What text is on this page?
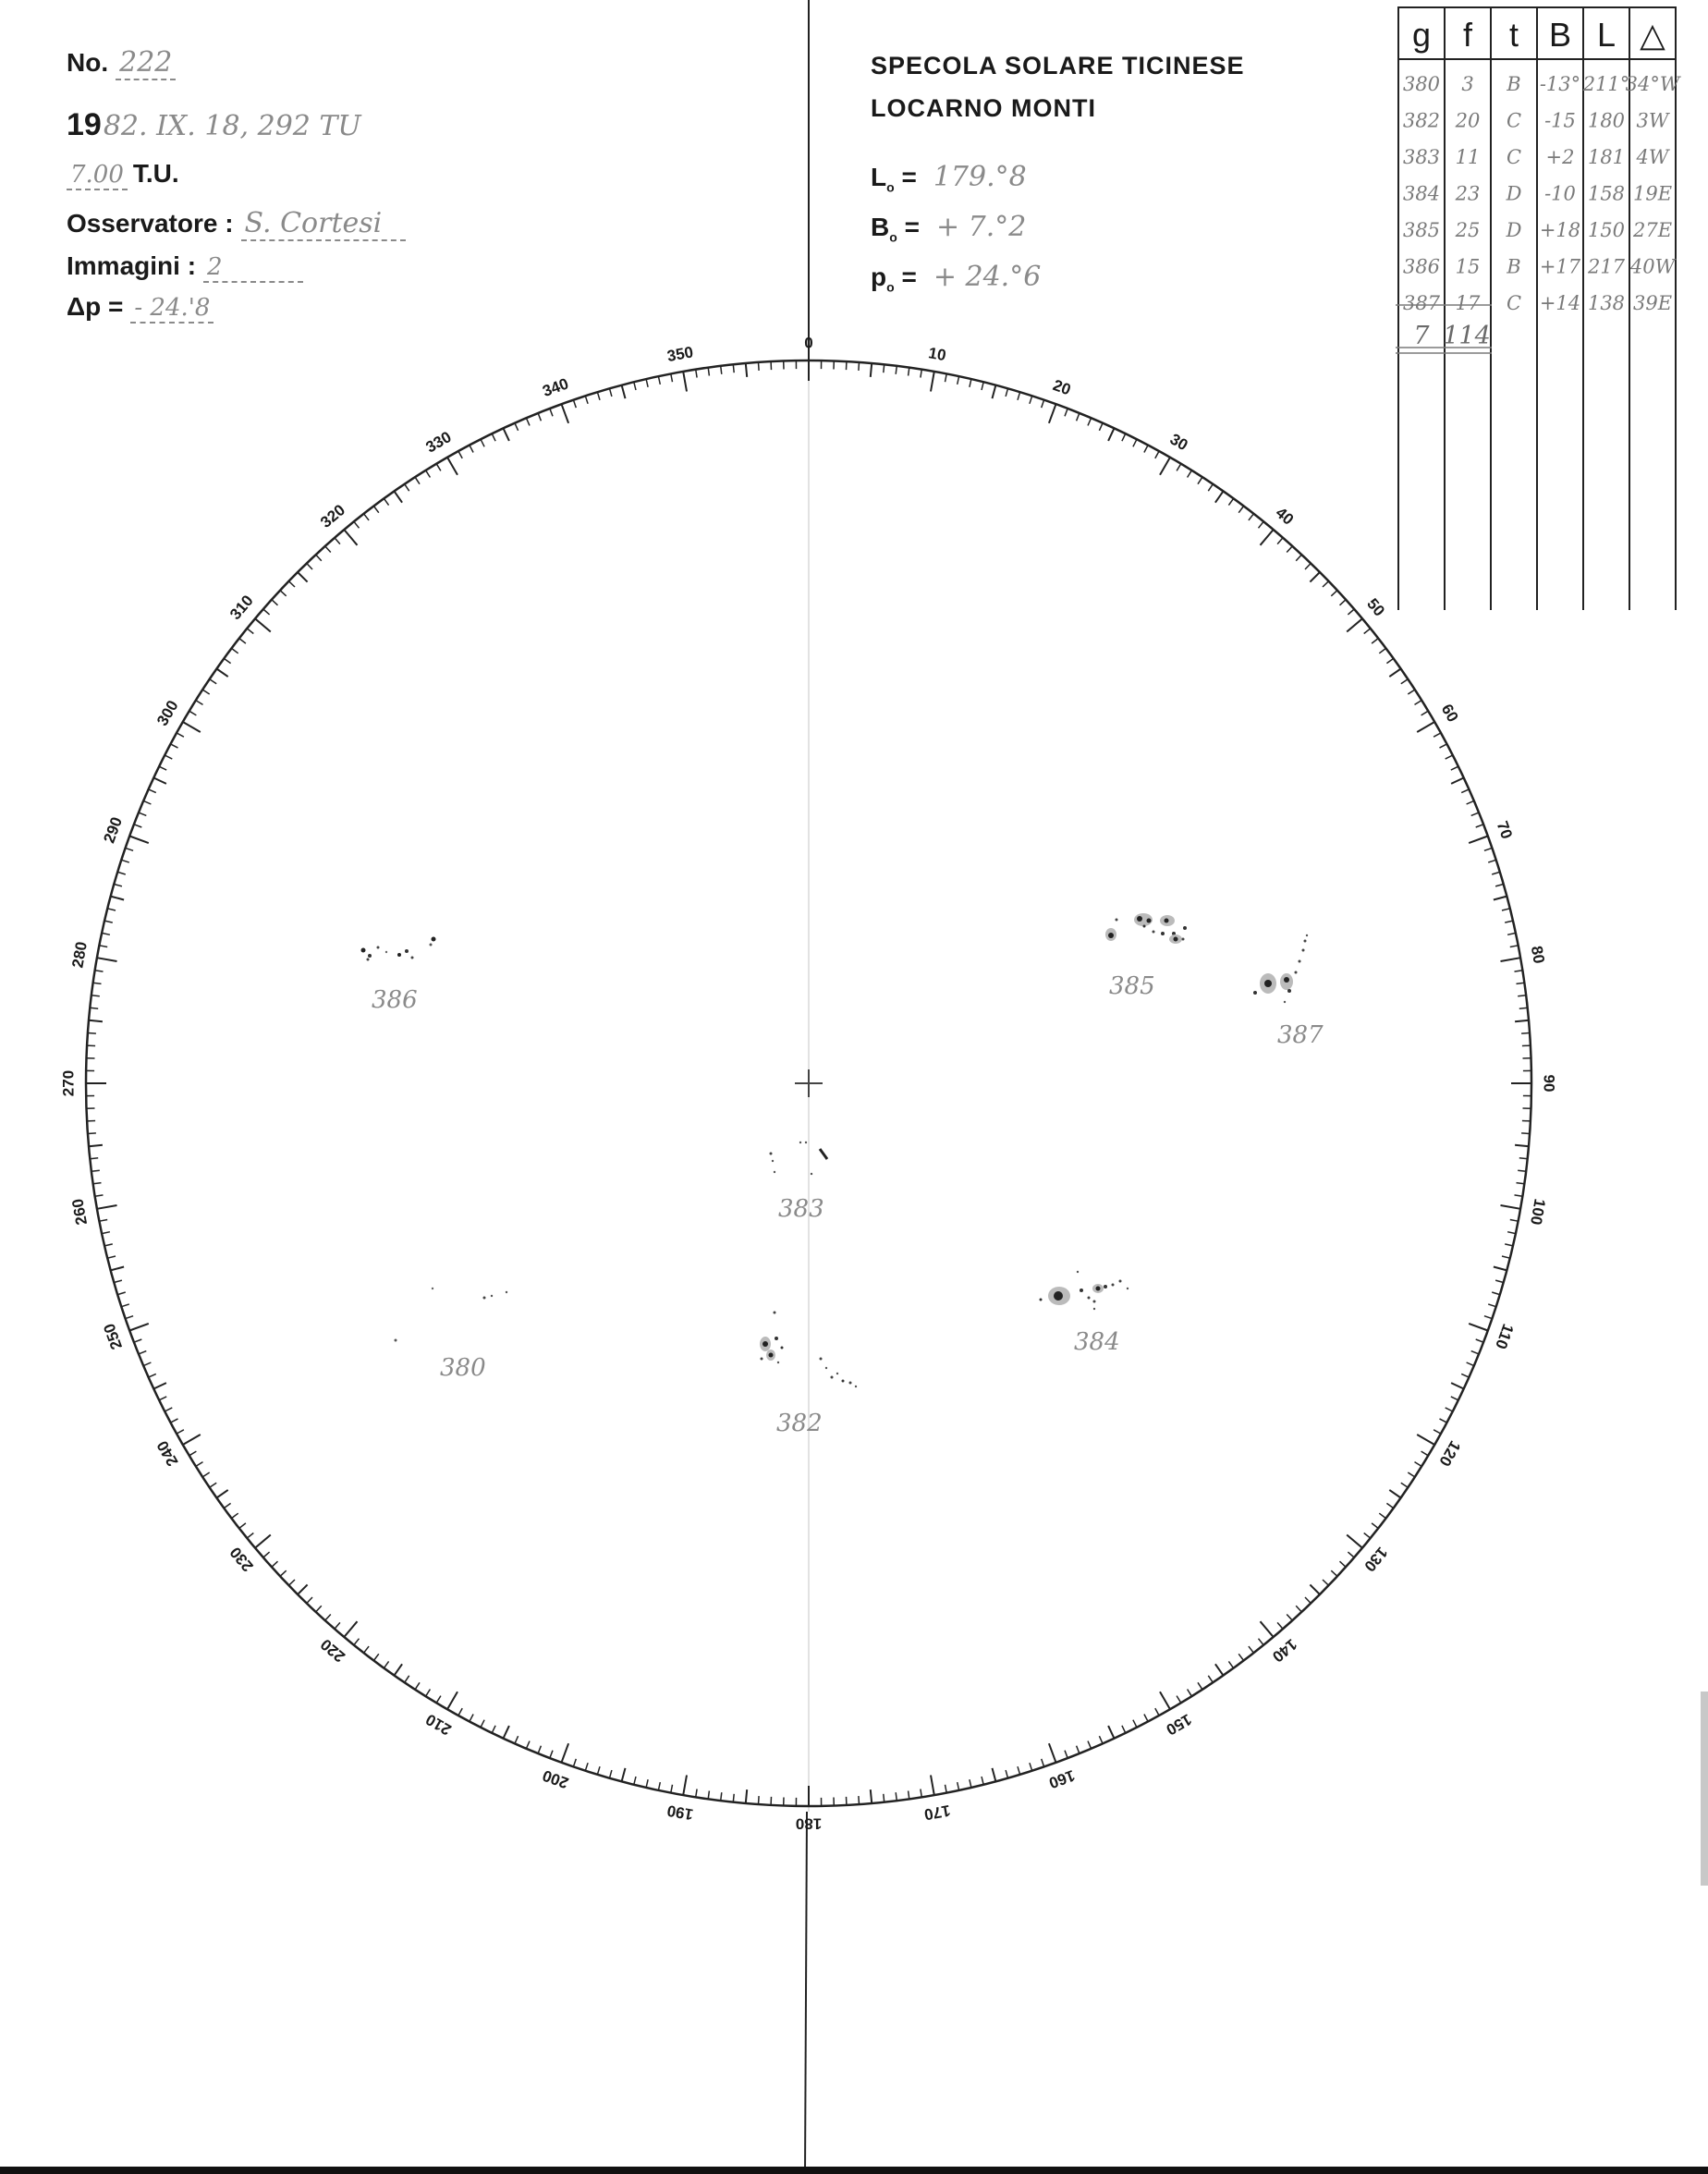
No. 222
19 82. IX. 18, 292 TU
7.00 T.U.
Osservatore : S. Cortesi
Immagini : 2
Δp = - 24.'8
SPECOLA SOLARE TICINESE
LOCARNO MONTI
$L_o = 179.^\circ 8$
$B_o$ = + 7.°2
$p_o$ = + 24.°6
0
10
20
30
40
50
60
70
80
90
100
110
120
130
140
150
160
170
180
190
200
210
220
230
240
250
260
270
280
290
300
310
320
330
340
350
386	385
387
383
384
380
382
g f t B L △
380 3 B -13° 211°
34°W
382 20 C -15 180 3W
383 11 C +2 181 4W
384 23 D -10 158 19E
385 25 D +18 150 27E
386 15 B +17 217 40W
387 17 C +14 138 39E
7 114
